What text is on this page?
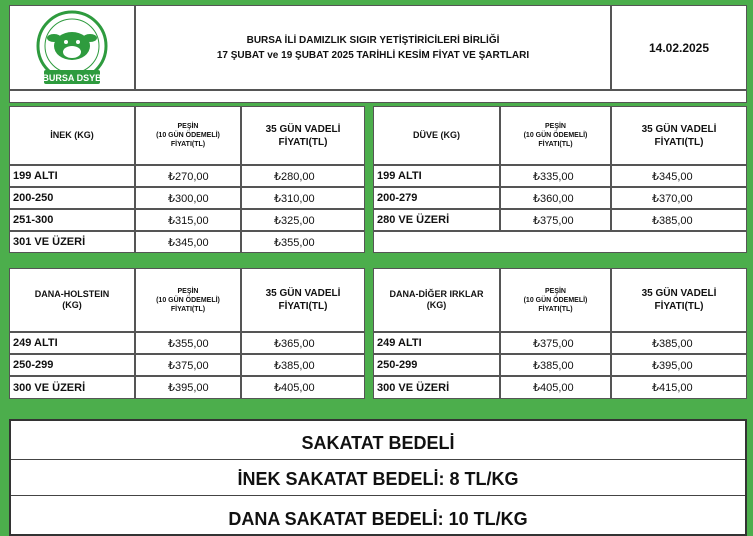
BURSA DSYB
BURSA İLİ DAMIZLIK SIGIR YETİŞTİRİCİLERİ BİRLİĞİ
17 ŞUBAT ve 19 ŞUBAT 2025 TARİHLİ KESİM FİYAT VE ŞARTLARI
14.02.2025
İNEK (KG)
PEŞİN
(10 GÜN ÖDEMELİ)
FİYATI(TL)
35 GÜN VADELİ
FİYATI(TL)
199 ALTI	₺270,00	₺280,00
200-250	₺300,00	₺310,00
251-300	₺315,00	₺325,00
301 VE ÜZERİ	₺345,00	₺355,00
DÜVE (KG)
PEŞİN
(10 GÜN ÖDEMELİ)
FİYATI(TL)
35 GÜN VADELİ
FİYATI(TL)
199 ALTI	₺335,00	₺345,00
200-279	₺360,00	₺370,00
280 VE ÜZERİ	₺375,00	₺385,00
DANA-HOLSTEIN
(KG)
PEŞİN
(10 GÜN ÖDEMELİ)
FİYATI(TL)
35 GÜN VADELİ
FİYATI(TL)
249 ALTI	₺355,00	₺365,00
250-299	₺375,00	₺385,00
300 VE ÜZERİ	₺395,00	₺405,00
DANA-DİĞER IRKLAR
(KG)
PEŞİN
(10 GÜN ÖDEMELİ)
FİYATI(TL)
35 GÜN VADELİ
FİYATI(TL)
249 ALTI	₺375,00	₺385,00
250-299	₺385,00	₺395,00
300 VE ÜZERİ	₺405,00	₺415,00
SAKATAT BEDELİ
İNEK SAKATAT BEDELİ: 8 TL/KG
DANA SAKATAT BEDELİ: 10 TL/KG
